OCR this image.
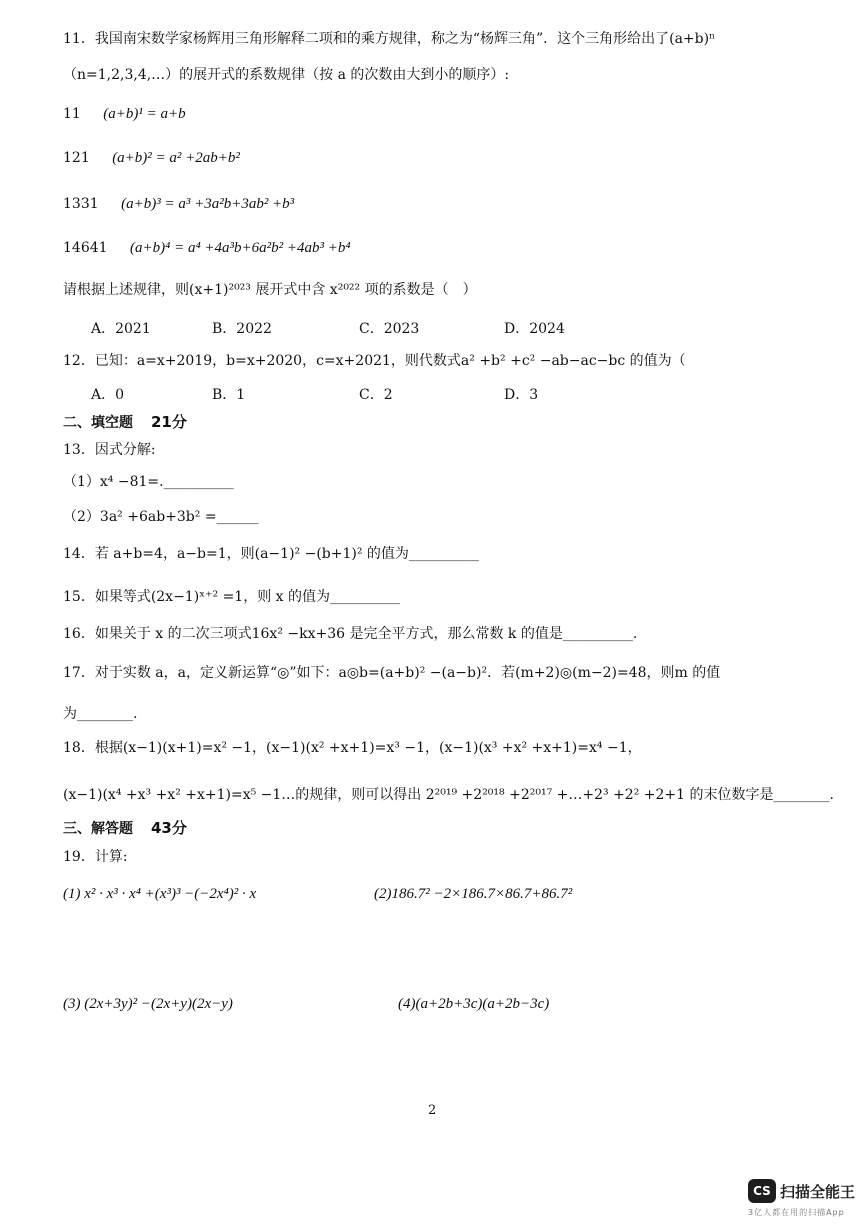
11．我国南宋数学家杨辉用三角形解释二项和的乘方规律，称之为“杨辉三角”．这个三角形给出了(a+b)ⁿ
（n=1,2,3,4,…）的展开式的系数规律（按 a 的次数由大到小的顺序）:
11 (a+b)¹ = a+b
121 (a+b)² = a² +2ab+b²
1331 (a+b)³ = a³ +3a²b+3ab² +b³
14641 (a+b)⁴ = a⁴ +4a³b+6a²b² +4ab³ +b⁴
请根据上述规律，则(x+1)²⁰²³ 展开式中含 x²⁰²² 项的系数是（　）
A．2021	B．2022	C．2023	D．2024
12．已知：a=x+2019，b=x+2020，c=x+2021，则代数式a² +b² +c² −ab−ac−bc 的值为（
A．0	B．1	C．2	D．3
二、填空题 21分
13．因式分解:
（1）x⁴ −81=.__________
（2）3a² +6ab+3b² =______
14．若 a+b=4，a−b=1，则(a−1)² −(b+1)² 的值为__________
15．如果等式(2x−1)ˣ⁺² =1，则 x 的值为__________
16．如果关于 x 的二次三项式16x² −kx+36 是完全平方式，那么常数 k 的值是__________.
17．对于实数 a，a，定义新运算“◎”如下：a◎b=(a+b)² −(a−b)²．若(m+2)◎(m−2)=48，则m 的值
为________.
18．根据(x−1)(x+1)=x² −1，(x−1)(x² +x+1)=x³ −1，(x−1)(x³ +x² +x+1)=x⁴ −1，
(x−1)(x⁴ +x³ +x² +x+1)=x⁵ −1…的规律，则可以得出 2²⁰¹⁹ +2²⁰¹⁸ +2²⁰¹⁷ +…+2³ +2² +2+1 的末位数字是________.
三、解答题 43分
19．计算:
(1) x² · x³ · x⁴ +(x³)³ −(−2x⁴)² · x	(2)186.7² −2×186.7×86.7+86.7²
(3) (2x+3y)² −(2x+y)(2x−y)	(4)(a+2b+3c)(a+2b−3c)
2
CS 扫描全能王
3亿人都在用的扫描App
